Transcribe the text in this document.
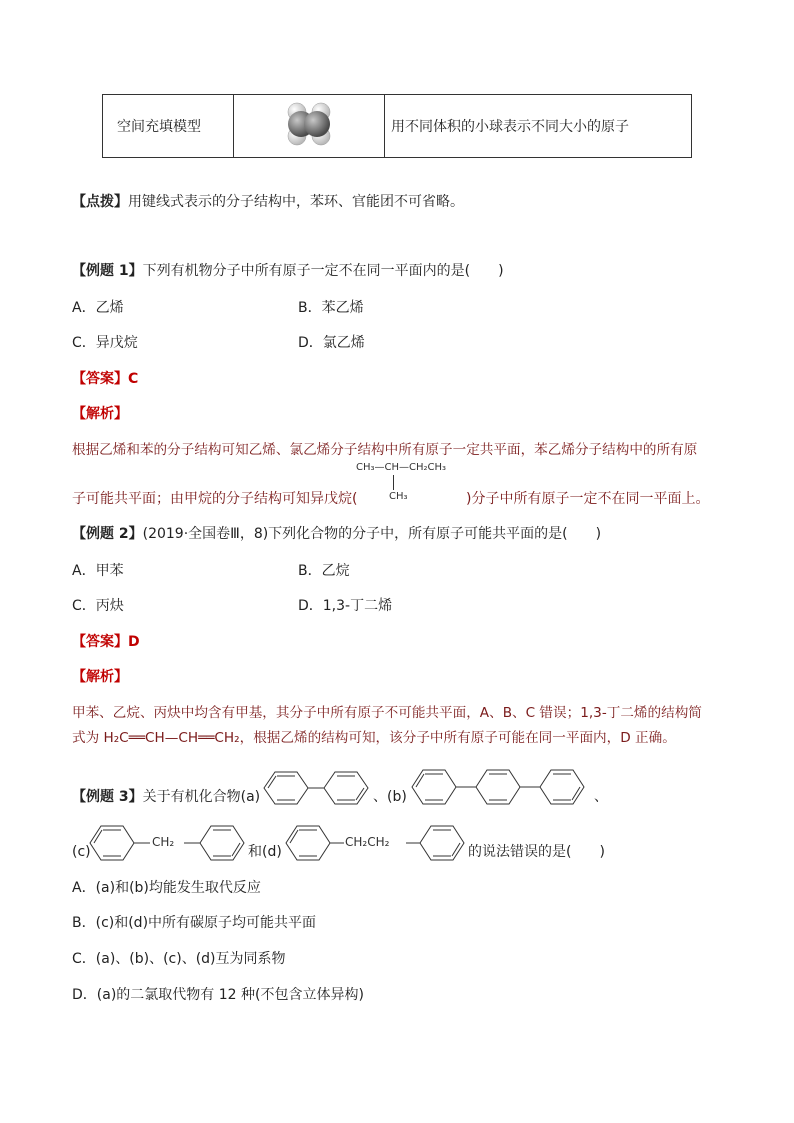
空间充填模型		用不同体积的小球表示不同大小的原子
【点拨】用键线式表示的分子结构中，苯环、官能团不可省略。
【例题 1】下列有机物分子中所有原子一定不在同一平面内的是(　　)
A．乙烯	B．苯乙烯
C．异戊烷	D．氯乙烯
【答案】C
【解析】
根据乙烯和苯的分子结构可知乙烯、氯乙烯分子结构中所有原子一定共平面，苯乙烯分子结构中的所有原
子可能共平面；由甲烷的分子结构可知异戊烷(
CH₃—CH—CH₂CH₃
CH₃	)分子中所有原子一定不在同一平面上。
【例题 2】(2019·全国卷Ⅲ，8)下列化合物的分子中，所有原子可能共平面的是(　　)
A．甲苯	B．乙烷
C．丙炔	D．1,3-丁二烯
【答案】D
【解析】
甲苯、乙烷、丙炔中均含有甲基，其分子中所有原子不可能共平面，A、B、C 错误；1,3-丁二烯的结构简
式为 H₂C══CH—CH══CH₂，根据乙烯的结构可知，该分子中所有原子可能在同一平面内，D 正确。
【例题 3】关于有机化合物(a)	、(b)	、
(c)
CH₂
和(d)
CH₂CH₂
的说法错误的是(　　)
A．(a)和(b)均能发生取代反应
B．(c)和(d)中所有碳原子均可能共平面
C．(a)、(b)、(c)、(d)互为同系物
D．(a)的二氯取代物有 12 种(不包含立体异构)
